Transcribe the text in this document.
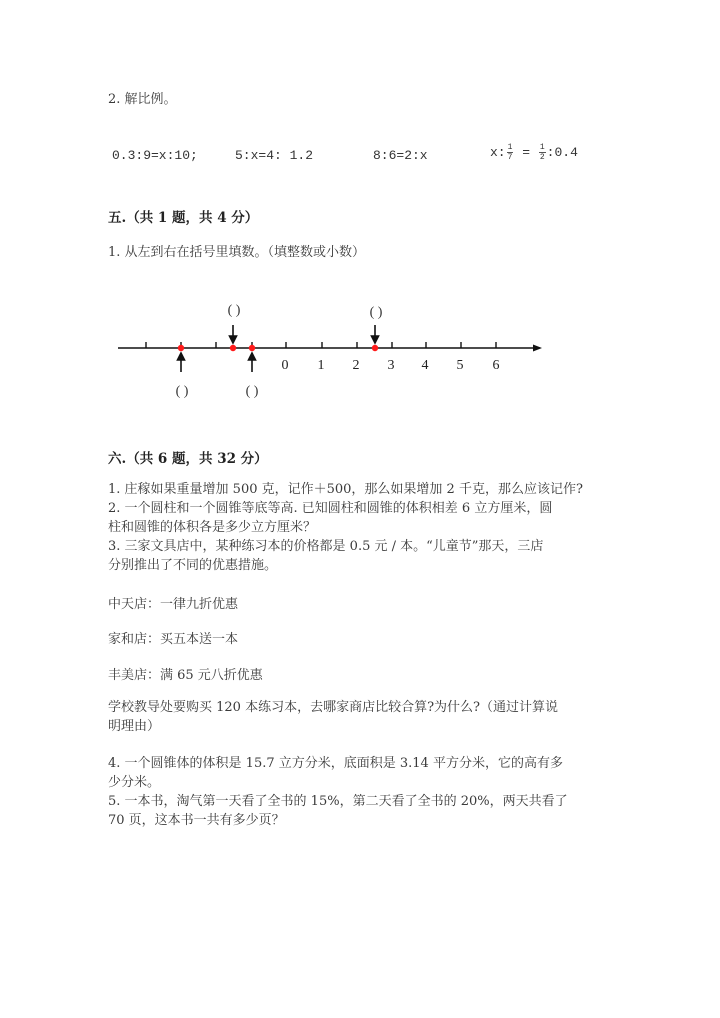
2. 解比例。
0.3:9=x:10;	5:x=4: 1.2	8:6=2:x	x: $\frac{1}{7} = \frac{1}{2}$ :0.4
五.（共 1 题，共 4 分）
1. 从左到右在括号里填数。（填整数或小数）
0 1 2 3 4 5 6
( )	( )
( )	( )
六.（共 6 题，共 32 分）
1. 庄稼如果重量增加 500 克，记作＋500，那么如果增加 2 千克，那么应该记作?
2. 一个圆柱和一个圆锥等底等高. 已知圆柱和圆锥的体积相差 6 立方厘米，圆
柱和圆锥的体积各是多少立方厘米？
3. 三家文具店中，某种练习本的价格都是 0.5 元 / 本。“儿童节”那天，三店
分别推出了不同的优惠措施。
中天店：一律九折优惠
家和店：买五本送一本
丰美店：满 65 元八折优惠
学校教导处要购买 120 本练习本，去哪家商店比较合算?为什么?（通过计算说
明理由）
4. 一个圆锥体的体积是 15.7 立方分米，底面积是 3.14 平方分米，它的高有多
少分米。
5. 一本书，淘气第一天看了全书的 15%，第二天看了全书的 20%，两天共看了
70 页，这本书一共有多少页？
